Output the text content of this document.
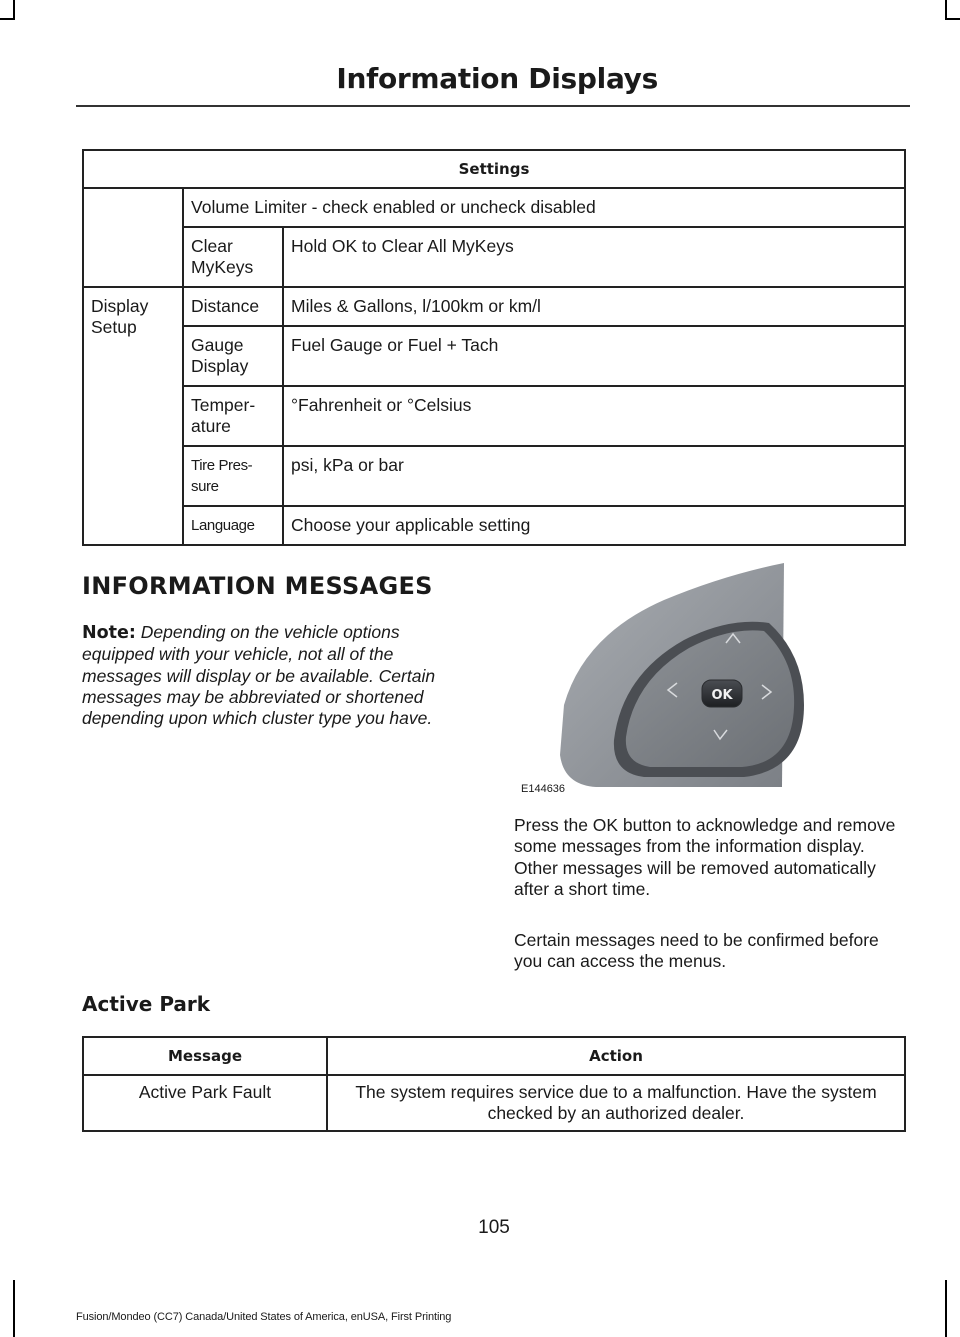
Information Displays
Settings		
	Volume Limiter - check enabled or uncheck disabled	
	Clear MyKeys	Hold OK to Clear All MyKeys
Display Setup	Distance	Miles & Gallons, l/100km or km/l
	Gauge Display	Fuel Gauge or Fuel + Tach
	Temper-ature	°Fahrenheit or °Celsius
	Tire Pres-sure	psi, kPa or bar
	Language	Choose your applicable setting
INFORMATION MESSAGES
Note: Depending on the vehicle options equipped with your vehicle, not all of the messages will display or be available. Certain messages may be abbreviated or shortened depending upon which cluster type you have.
OK
E144636
Press the OK button to acknowledge and remove some messages from the information display. Other messages will be removed automatically after a short time.
Certain messages need to be confirmed before you can access the menus.
Active Park
Message	Action
Active Park Fault	The system requires service due to a malfunction. Have the system checked by an authorized dealer.
105
Fusion/Mondeo (CC7) Canada/United States of America, enUSA, First Printing
